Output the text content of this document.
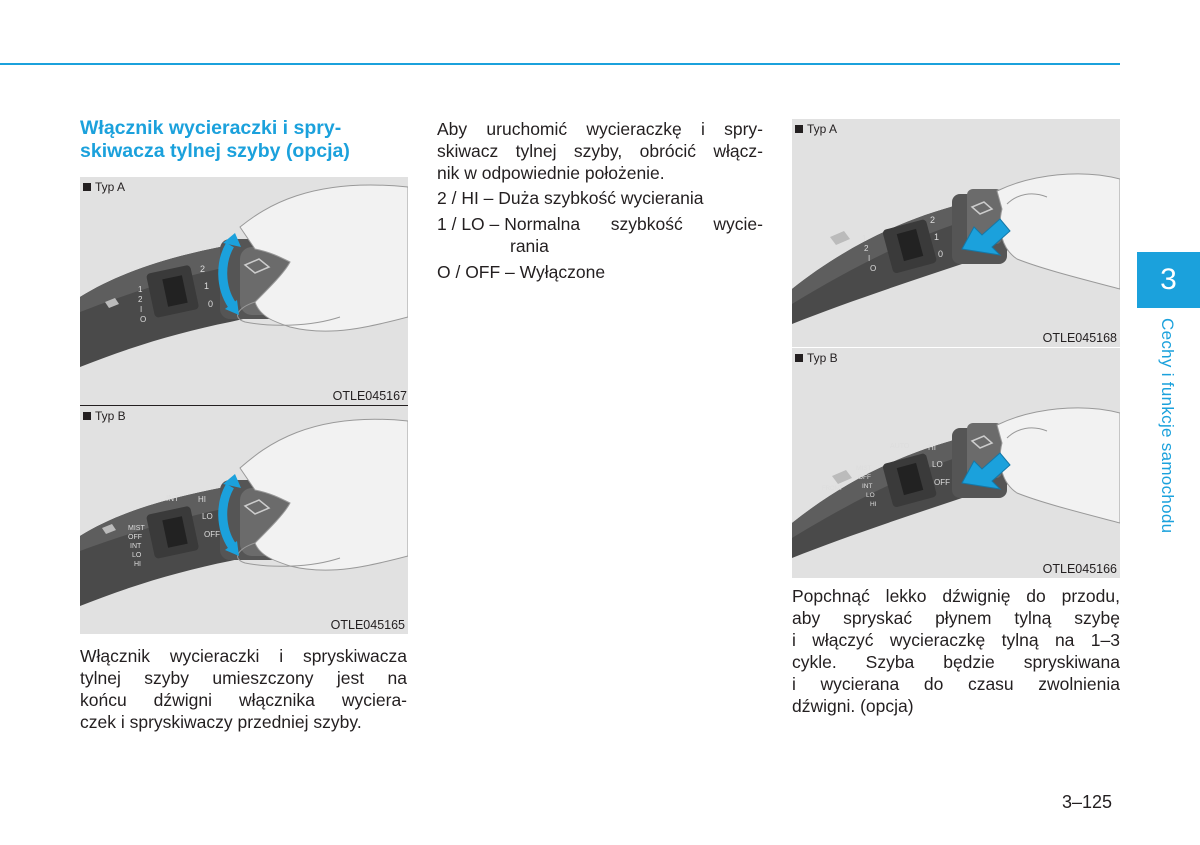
Włącznik wycieraczki i spry-
skiwacza tylnej szyby (opcja)
2
1
0
1
2
I
O
Typ A
OTLE045167
INT HI
LO
OFF
MIST
OFF
INT
LO
HI
Typ B
OTLE045165

Włącznik wycieraczki i spryskiwacza
tylnej szyby umieszczony jest na
końcu dźwigni włącznika wyciera-
czek i spryskiwaczy przedniej szyby.

Aby uruchomić wycieraczkę i spry-
skiwacz tylnej szyby, obrócić włącz-
nik w odpowiednie położenie.

2 / HI – Duża szybkość wycierania
1 / LO – Normalna szybkość wycie-
rania
O / OFF – Wyłączone
2
1
0
1
2
I
O
Typ A
OTLE045168
FRONT
AUTO HI
LO
OFF
MIST
OFF
INT
LO
HI
Typ B
OTLE045166

Popchnąć lekko dźwignię do przodu,
aby spryskać płynem tylną szybę
i włączyć wycieraczkę tylną na 1–3
cykle. Szyba będzie spryskiwana
i wycierana do czasu zwolnienia
dźwigni. (opcja)

3
Cechy i funkcje samochodu
3–125
